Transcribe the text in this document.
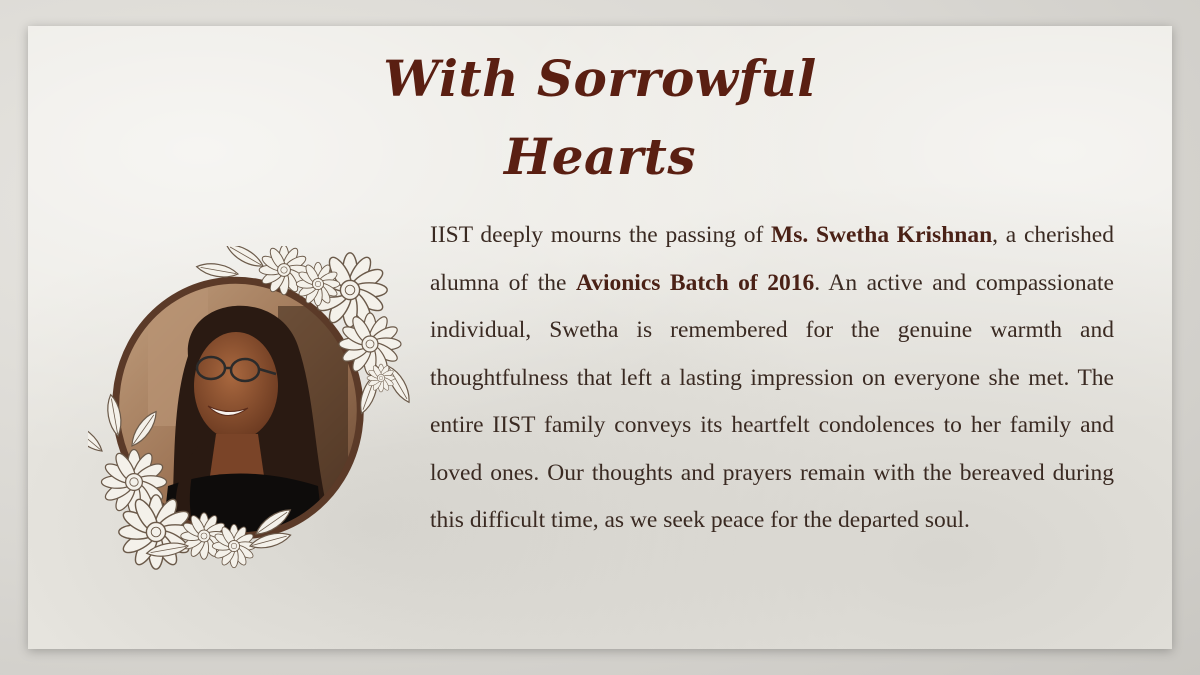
With Sorrowful
Hearts
IIST deeply mourns the passing of Ms. Swetha Krishnan, a cherished alumna of the Avionics Batch of 2016. An active and compassionate individual, Swetha is remembered for the genuine warmth and thoughtfulness that left a lasting impression on everyone she met. The entire IIST family conveys its heartfelt condolences to her family and loved ones. Our thoughts and prayers remain with the bereaved during this difficult time, as we seek peace for the departed soul.
